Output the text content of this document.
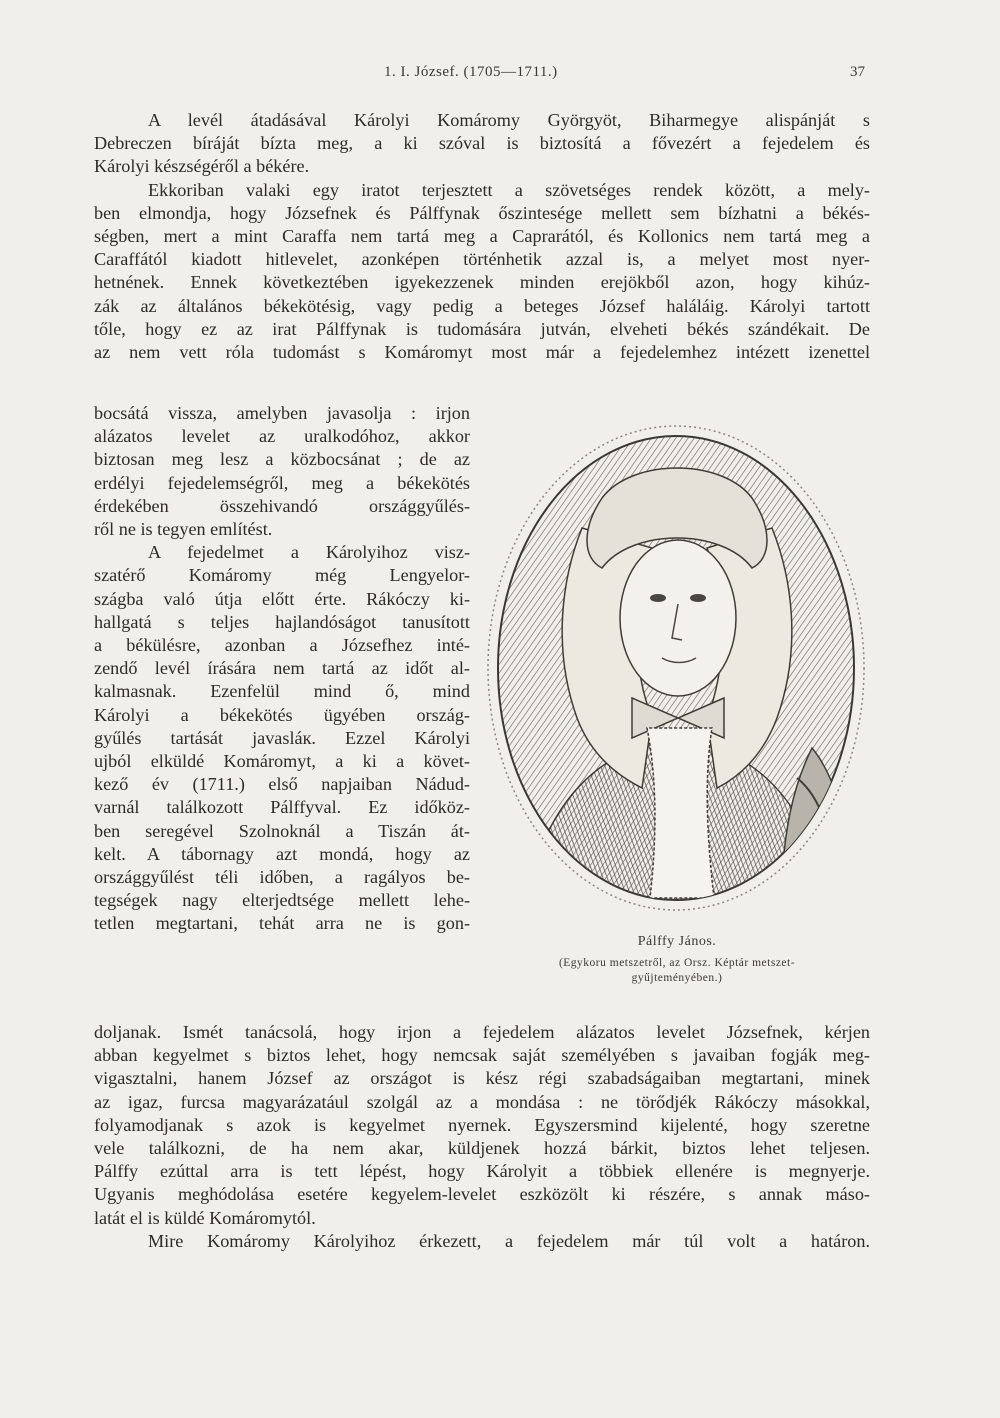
1. I. József. (1705—1711.)	37
A levél átadásával Károlyi Komáromy Györgyöt, Biharmegye alispánját s
Debreczen bíráját bízta meg, a ki szóval is biztosítá a fővezért a fejedelem és
Károlyi készségéről a békére.
Ekkoriban valaki egy iratot terjesztett a szövetséges rendek között, a mely-
ben elmondja, hogy Józsefnek és Pálffynak őszintesége mellett sem bízhatni a békés-
ségben, mert a mint Caraffa nem tartá meg a Caprarától, és Kollonics nem tartá meg a
Caraffától kiadott hitlevelet, azonképen történhetik azzal is, a melyet most nyer-
hetnének. Ennek következtében igyekezzenek minden erejökből azon, hogy kihúz-
zák az általános békekötésig, vagy pedig a beteges József haláláig. Károlyi tartott
tőle, hogy ez az irat Pálffynak is tudomására jutván, elveheti békés szándékait. De
az nem vett róla tudomást s Komáromyt most már a fejedelemhez intézett izenettel
bocsátá vissza, amelyben javasolja : irjon
alázatos levelet az uralkodóhoz, akkor
biztosan meg lesz a közbocsánat ; de az
erdélyi fejedelemségről, meg a békekötés
érdekében összehivandó országgyűlés-
ről ne is tegyen említést.
A fejedelmet a Károlyihoz visz-
szatérő Komáromy még Lengyelor-
szágba való útja előtt érte. Rákóczy ki-
hallgatá s teljes hajlandóságot tanusított
a békülésre, azonban a Józsefhez inté-
zendő levél írására nem tartá az időt al-
kalmasnak. Ezenfelül mind ő, mind
Károlyi a békekötés ügyében ország-
gyűlés tartását javasláк. Ezzel Károlyi
ujból elküldé Komáromyt, a ki a követ-
kező év (1711.) első napjaiban Nádud-
varnál találkozott Pálffyval. Ez időköz-
ben seregével Szolnoknál a Tiszán át-
kelt. A tábornagy azt mondá, hogy az
országgyűlést téli időben, a ragályos be-
tegségek nagy elterjedtsége mellett lehe-
tetlen megtartani, tehát arra ne is gon-
Pálffy János.
(Egykoru metszetről, az Orsz. Képtár metszet-
gyűjteményében.)
doljanak. Ismét tanácsolá, hogy irjon a fejedelem alázatos levelet Józsefnek, kérjen
abban kegyelmet s biztos lehet, hogy nemcsak saját személyében s javaiban fogják meg-
vigasztalni, hanem József az országot is kész régi szabadságaiban megtartani, minek
az igaz, furcsa magyarázatául szolgál az a mondása : ne törődjék Rákóczy másokkal,
folyamodjanak s azok is kegyelmet nyernek. Egyszersmind kijelenté, hogy szeretne
vele találkozni, de ha nem akar, küldjenek hozzá bárkit, biztos lehet teljesen.
Pálffy ezúttal arra is tett lépést, hogy Károlyit a többiek ellenére is megnyerje.
Ugyanis meghódolása esetére kegyelem-levelet eszközölt ki részére, s annak máso-
latát el is küldé Komáromytól.
Mire Komáromy Károlyihoz érkezett, a fejedelem már túl volt a határon.
